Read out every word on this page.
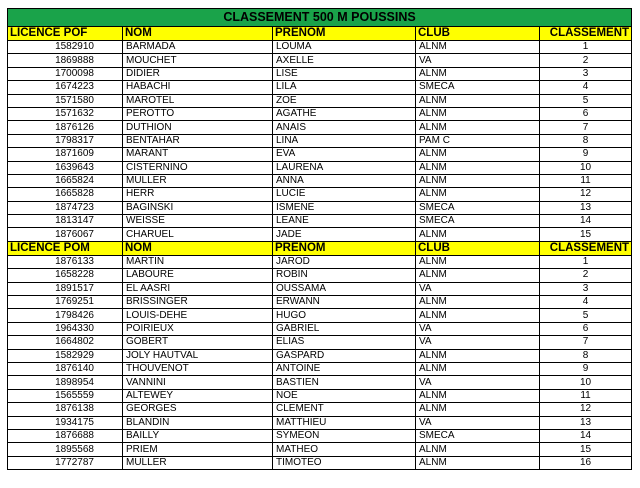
CLASSEMENT 500 M POUSSINS				
LICENCE POF	NOM	PRENOM	CLUB	CLASSEMENT
1582910	BARMADA	LOUMA	ALNM	1
1869888	MOUCHET	AXELLE	VA	2
1700098	DIDIER	LISE	ALNM	3
1674223	HABACHI	LILA	SMECA	4
1571580	MAROTEL	ZOE	ALNM	5
1571632	PEROTTO	AGATHE	ALNM	6
1876126	DUTHION	ANAIS	ALNM	7
1798317	BENTAHAR	LINA	PAM C	8
1871609	MARANT	EVA	ALNM	9
1639643	CISTERNINO	LAURENA	ALNM	10
1665824	MULLER	ANNA	ALNM	11
1665828	HERR	LUCIE	ALNM	12
1874723	BAGINSKI	ISMENE	SMECA	13
1813147	WEISSE	LEANE	SMECA	14
1876067	CHARUEL	JADE	ALNM	15
LICENCE POM	NOM	PRENOM	CLUB	CLASSEMENT
1876133	MARTIN	JAROD	ALNM	1
1658228	LABOURE	ROBIN	ALNM	2
1891517	EL AASRI	OUSSAMA	VA	3
1769251	BRISSINGER	ERWANN	ALNM	4
1798426	LOUIS-DEHE	HUGO	ALNM	5
1964330	POIRIEUX	GABRIEL	VA	6
1664802	GOBERT	ELIAS	VA	7
1582929	JOLY HAUTVAL	GASPARD	ALNM	8
1876140	THOUVENOT	ANTOINE	ALNM	9
1898954	VANNINI	BASTIEN	VA	10
1565559	ALTEWEY	NOE	ALNM	11
1876138	GEORGES	CLEMENT	ALNM	12
1934175	BLANDIN	MATTHIEU	VA	13
1876688	BAILLY	SYMEON	SMECA	14
1895568	PRIEM	MATHEO	ALNM	15
1772787	MULLER	TIMOTEO	ALNM	16
